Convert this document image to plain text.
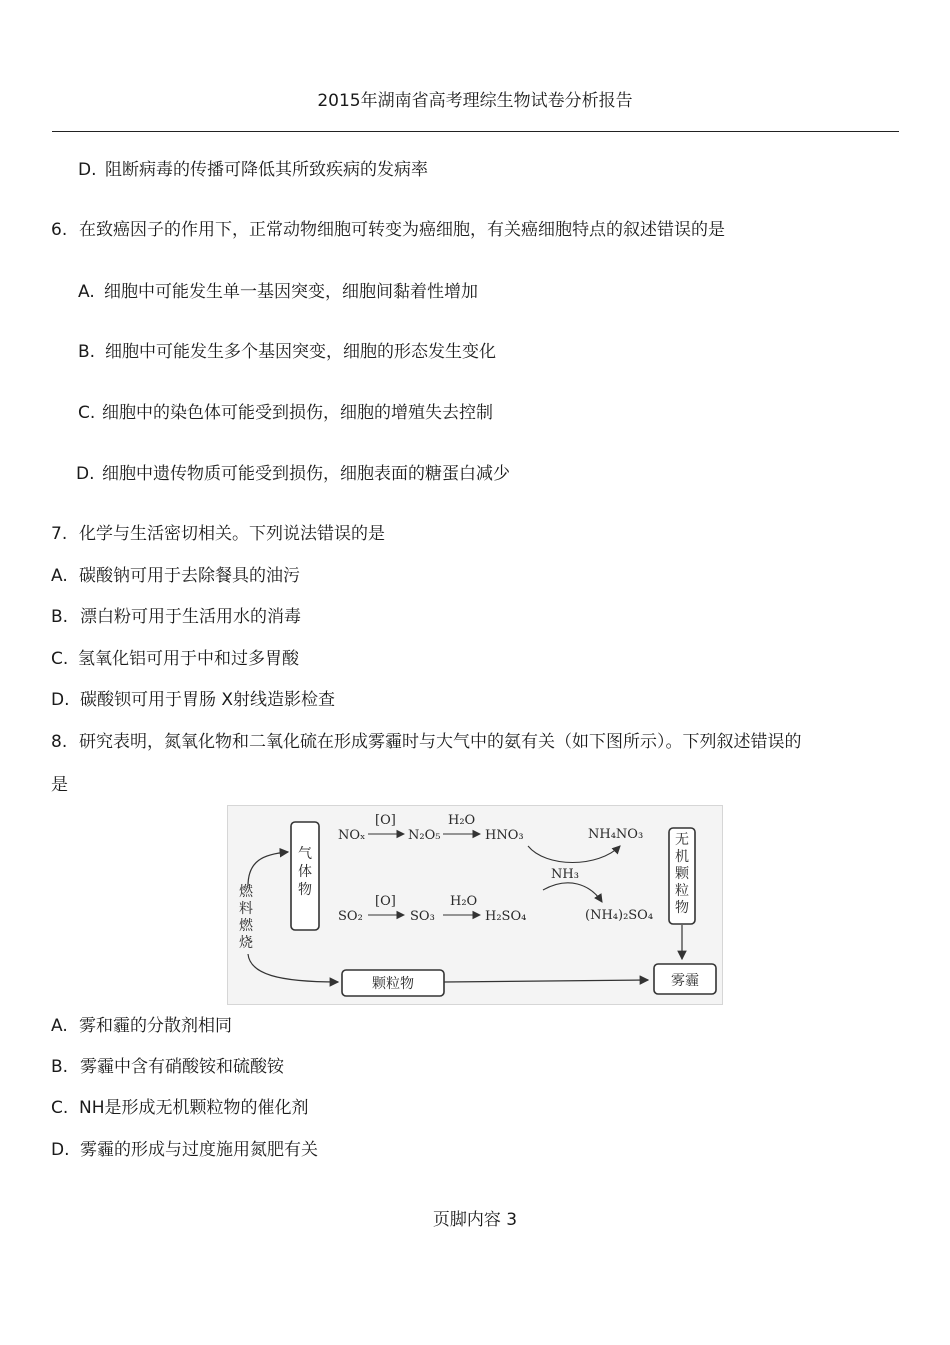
2015年湖南省高考理综生物试卷分析报告
D. 阻断病毒的传播可降低其所致疾病的发病率
6. 在致癌因子的作用下，正常动物细胞可转变为癌细胞，有关癌细胞特点的叙述错误的是
A. 细胞中可能发生单一基因突变，细胞间黏着性增加
B. 细胞中可能发生多个基因突变，细胞的形态发生变化
C. 细胞中的染色体可能受到损伤，细胞的增殖失去控制
D. 细胞中遗传物质可能受到损伤，细胞表面的糖蛋白减少
7. 化学与生活密切相关。下列说法错误的是
A. 碳酸钠可用于去除餐具的油污
B. 漂白粉可用于生活用水的消毒
C. 氢氧化铝可用于中和过多胃酸
D. 碳酸钡可用于胃肠 X射线造影检查
8. 研究表明，氮氧化物和二氧化硫在形成雾霾时与大气中的氨有关（如下图所示）。下列叙述错误的
是
气
体
物
无
机
颗
粒
物
燃
料
燃
烧
颗粒物	雾霾
NOₓ
[O]
N₂O₅
H₂O
HNO₃	NH₄NO₃
NH₃
SO₂
[O]
SO₃
H₂O
H₂SO₄	(NH₄)₂SO₄
A. 雾和霾的分散剂相同
B. 雾霾中含有硝酸铵和硫酸铵
C. NH是形成无机颗粒物的催化剂
D. 雾霾的形成与过度施用氮肥有关
页脚内容 3
